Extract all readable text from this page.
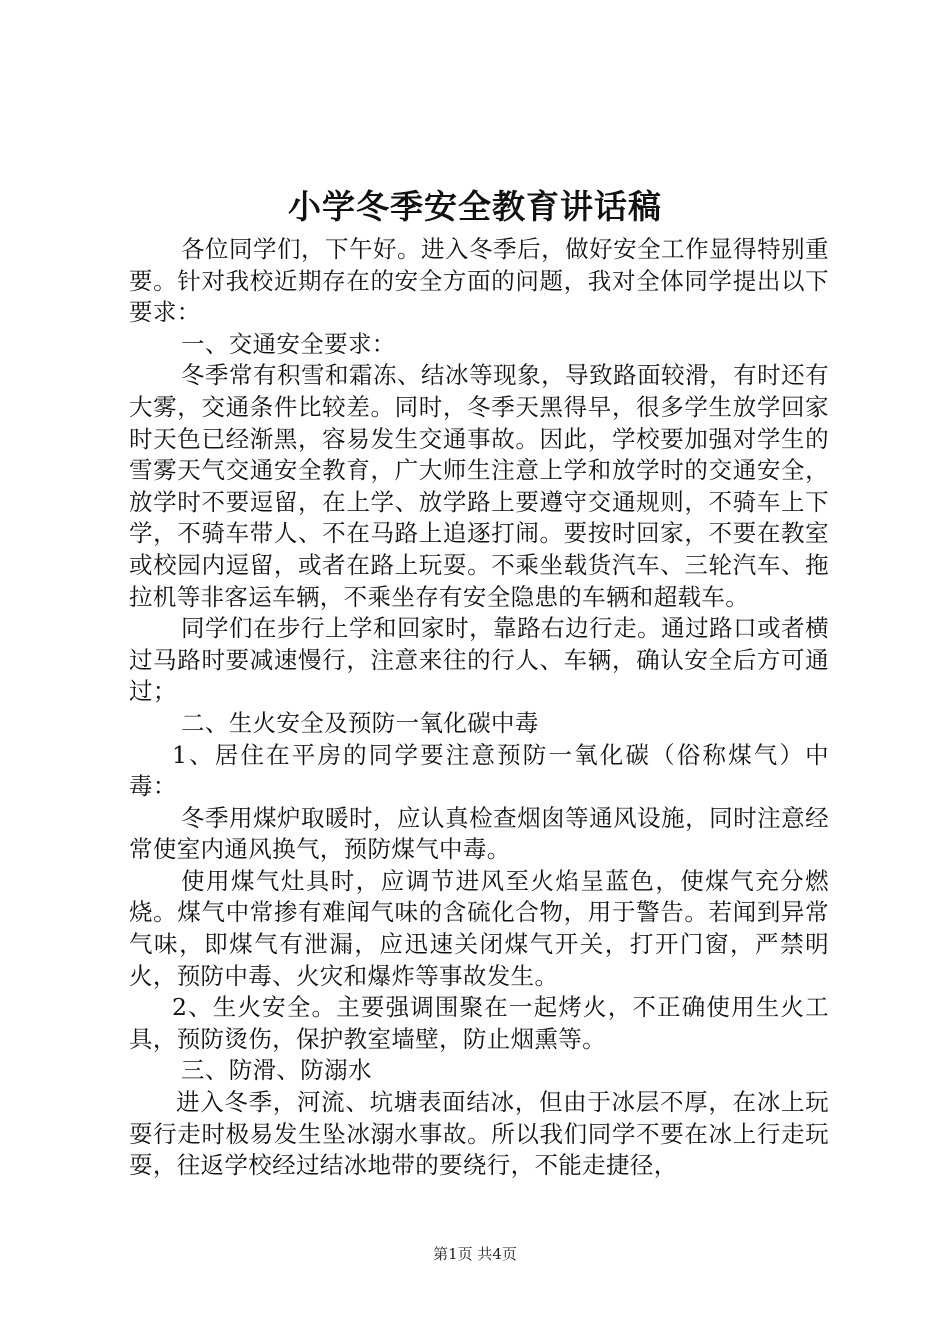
小学冬季安全教育讲话稿

各位同学们，下午好。进入冬季后，做好安全工作显得特别重要。针对我校近期存在的安全方面的问题，我对全体同学提出以下要求：

一、交通安全要求：

冬季常有积雪和霜冻、结冰等现象，导致路面较滑，有时还有大雾，交通条件比较差。同时，冬季天黑得早，很多学生放学回家时天色已经渐黑，容易发生交通事故。因此，学校要加强对学生的雪雾天气交通安全教育，广大师生注意上学和放学时的交通安全，放学时不要逗留，在上学、放学路上要遵守交通规则，不骑车上下学，不骑车带人、不在马路上追逐打闹。要按时回家，不要在教室或校园内逗留，或者在路上玩耍。不乘坐载货汽车、三轮汽车、拖拉机等非客运车辆，不乘坐存有安全隐患的车辆和超载车。

同学们在步行上学和回家时，靠路右边行走。通过路口或者横过马路时要减速慢行，注意来往的行人、车辆，确认安全后方可通过；

二、生火安全及预防一氧化碳中毒

1、居住在平房的同学要注意预防一氧化碳（俗称煤气）中毒：

冬季用煤炉取暖时，应认真检查烟囱等通风设施，同时注意经常使室内通风换气，预防煤气中毒。

使用煤气灶具时，应调节进风至火焰呈蓝色，使煤气充分燃烧。煤气中常掺有难闻气味的含硫化合物，用于警告。若闻到异常气味，即煤气有泄漏，应迅速关闭煤气开关，打开门窗，严禁明火，预防中毒、火灾和爆炸等事故发生。

2、生火安全。主要强调围聚在一起烤火，不正确使用生火工具，预防烫伤，保护教室墙壁，防止烟熏等。

三、防滑、防溺水

进入冬季，河流、坑塘表面结冰，但由于冰层不厚，在冰上玩耍行走时极易发生坠冰溺水事故。所以我们同学不要在冰上行走玩耍，往返学校经过结冰地带的要绕行，不能走捷径，

第1页 共4页
